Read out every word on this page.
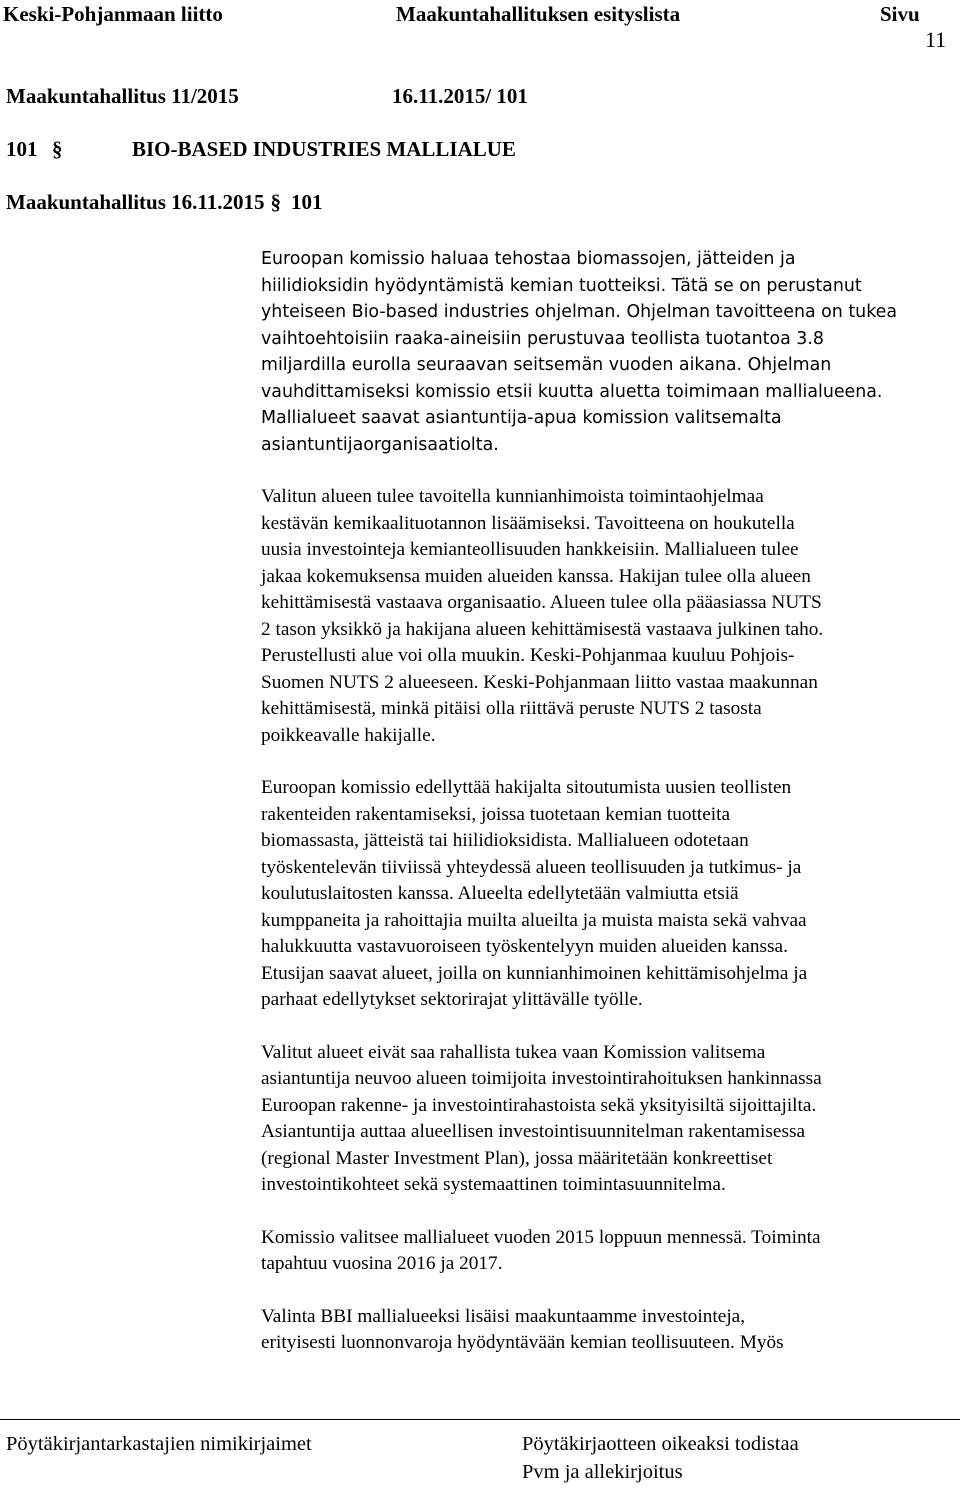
Keski-Pohjanmaan liitto	Maakuntahallituksen esityslista	Sivu
11
Maakuntahallitus 11/2015	16.11.2015/ 101
101 §	BIO-BASED INDUSTRIES MALLIALUE
Maakuntahallitus 16.11.2015 § 101

Euroopan komissio haluaa tehostaa biomassojen, jätteiden ja
hiilidioksidin hyödyntämistä kemian tuotteiksi. Tätä se on perustanut
yhteiseen Bio-based industries ohjelman. Ohjelman tavoitteena on tukea
vaihtoehtoisiin raaka-aineisiin perustuvaa teollista tuotantoa 3.8
miljardilla eurolla seuraavan seitsemän vuoden aikana. Ohjelman
vauhdittamiseksi komissio etsii kuutta aluetta toimimaan mallialueena.
Mallialueet saavat asiantuntija-apua komission valitsemalta
asiantuntijaorganisaatiolta.

Valitun alueen tulee tavoitella kunnianhimoista toimintaohjelmaa
kestävän kemikaalituotannon lisäämiseksi. Tavoitteena on houkutella
uusia investointeja kemianteollisuuden hankkeisiin. Mallialueen tulee
jakaa kokemuksensa muiden alueiden kanssa. Hakijan tulee olla alueen
kehittämisestä vastaava organisaatio. Alueen tulee olla pääasiassa NUTS
2 tason yksikkö ja hakijana alueen kehittämisestä vastaava julkinen taho.
Perustellusti alue voi olla muukin. Keski-Pohjanmaa kuuluu Pohjois-
Suomen NUTS 2 alueeseen. Keski-Pohjanmaan liitto vastaa maakunnan
kehittämisestä, minkä pitäisi olla riittävä peruste NUTS 2 tasosta
poikkeavalle hakijalle.

Euroopan komissio edellyttää hakijalta sitoutumista uusien teollisten
rakenteiden rakentamiseksi, joissa tuotetaan kemian tuotteita
biomassasta, jätteistä tai hiilidioksidista. Mallialueen odotetaan
työskentelevän tiiviissä yhteydessä alueen teollisuuden ja tutkimus- ja
koulutuslaitosten kanssa. Alueelta edellytetään valmiutta etsiä
kumppaneita ja rahoittajia muilta alueilta ja muista maista sekä vahvaa
halukkuutta vastavuoroiseen työskentelyyn muiden alueiden kanssa.
Etusijan saavat alueet, joilla on kunnianhimoinen kehittämisohjelma ja
parhaat edellytykset sektorirajat ylittävälle työlle.

Valitut alueet eivät saa rahallista tukea vaan Komission valitsema
asiantuntija neuvoo alueen toimijoita investointirahoituksen hankinnassa
Euroopan rakenne- ja investointirahastoista sekä yksityisiltä sijoittajilta.
Asiantuntija auttaa alueellisen investointisuunnitelman rakentamisessa
(regional Master Investment Plan), jossa määritetään konkreettiset
investointikohteet sekä systemaattinen toimintasuunnitelma.

Komissio valitsee mallialueet vuoden 2015 loppuun mennessä. Toiminta
tapahtuu vuosina 2016 ja 2017.

Valinta BBI mallialueeksi lisäisi maakuntaamme investointeja,
erityisesti luonnonvaroja hyödyntävään kemian teollisuuteen. Myös

Pöytäkirjantarkastajien nimikirjaimet	Pöytäkirjaotteen oikeaksi todistaa
Pvm ja allekirjoitus
